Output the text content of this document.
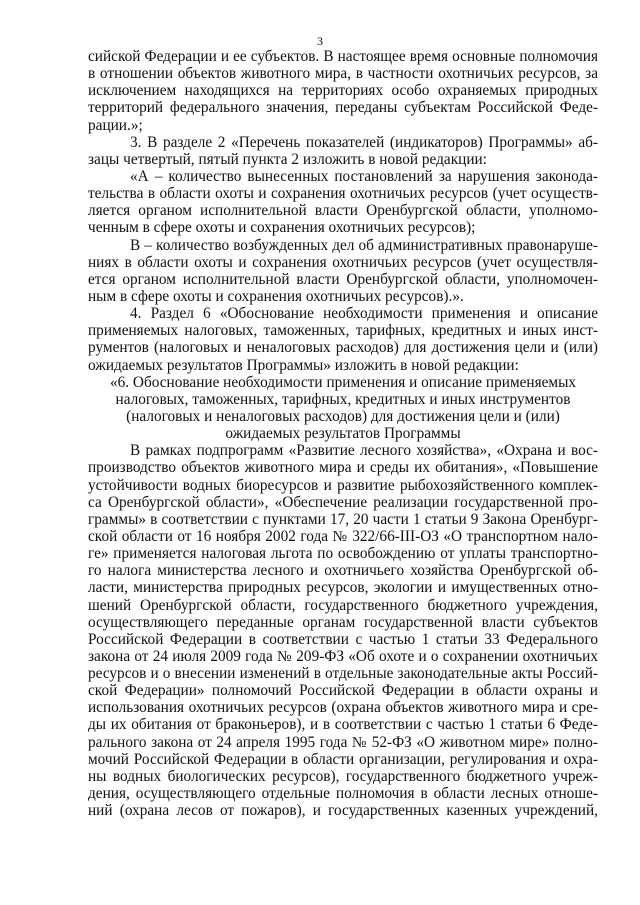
3
сийской Федерации и ее субъектов. В настоящее время основные полномочия
в отношении объектов животного мира, в частности охотничьих ресурсов, за
исключением находящихся на территориях особо охраняемых природных
территорий федерального значения, переданы субъектам Российской Феде-
рации.»;
3. В разделе 2 «Перечень показателей (индикаторов) Программы» аб-
зацы четвертый, пятый пункта 2 изложить в новой редакции:
«А – количество вынесенных постановлений за нарушения законода-
тельства в области охоты и сохранения охотничьих ресурсов (учет осуществ-
ляется органом исполнительной власти Оренбургской области, уполномо-
ченным в сфере охоты и сохранения охотничьих ресурсов);
В – количество возбужденных дел об административных правонаруше-
ниях в области охоты и сохранения охотничьих ресурсов (учет осуществля-
ется органом исполнительной власти Оренбургской области, уполномочен-
ным в сфере охоты и сохранения охотничьих ресурсов).».
4. Раздел 6 «Обоснование необходимости применения и описание
применяемых налоговых, таможенных, тарифных, кредитных и иных инст-
рументов (налоговых и неналоговых расходов) для достижения цели и (или)
ожидаемых результатов Программы» изложить в новой редакции:
«6. Обоснование необходимости применения и описание применяемых
налоговых, таможенных, тарифных, кредитных и иных инструментов
(налоговых и неналоговых расходов) для достижения цели и (или)
ожидаемых результатов Программы
В рамках подпрограмм «Развитие лесного хозяйства», «Охрана и вос-
производство объектов животного мира и среды их обитания», «Повышение
устойчивости водных биоресурсов и развитие рыбохозяйственного комплек-
са Оренбургской области», «Обеспечение реализации государственной про-
граммы» в соответствии с пунктами 17, 20 части 1 статьи 9 Закона Оренбург-
ской области от 16 ноября 2002 года № 322/66-III-ОЗ «О транспортном нало-
ге» применяется налоговая льгота по освобождению от уплаты транспортно-
го налога министерства лесного и охотничьего хозяйства Оренбургской об-
ласти, министерства природных ресурсов, экологии и имущественных отно-
шений Оренбургской области, государственного бюджетного учреждения,
осуществляющего переданные органам государственной власти субъектов
Российской Федерации в соответствии с частью 1 статьи 33 Федерального
закона от 24 июля 2009 года № 209-ФЗ «Об охоте и о сохранении охотничьих
ресурсов и о внесении изменений в отдельные законодательные акты Россий-
ской Федерации» полномочий Российской Федерации в области охраны и
использования охотничьих ресурсов (охрана объектов животного мира и сре-
ды их обитания от браконьеров), и в соответствии с частью 1 статьи 6 Феде-
рального закона от 24 апреля 1995 года № 52-ФЗ «О животном мире» полно-
мочий Российской Федерации в области организации, регулирования и охра-
ны водных биологических ресурсов), государственного бюджетного учреж-
дения, осуществляющего отдельные полномочия в области лесных отноше-
ний (охрана лесов от пожаров), и государственных казенных учреждений,
